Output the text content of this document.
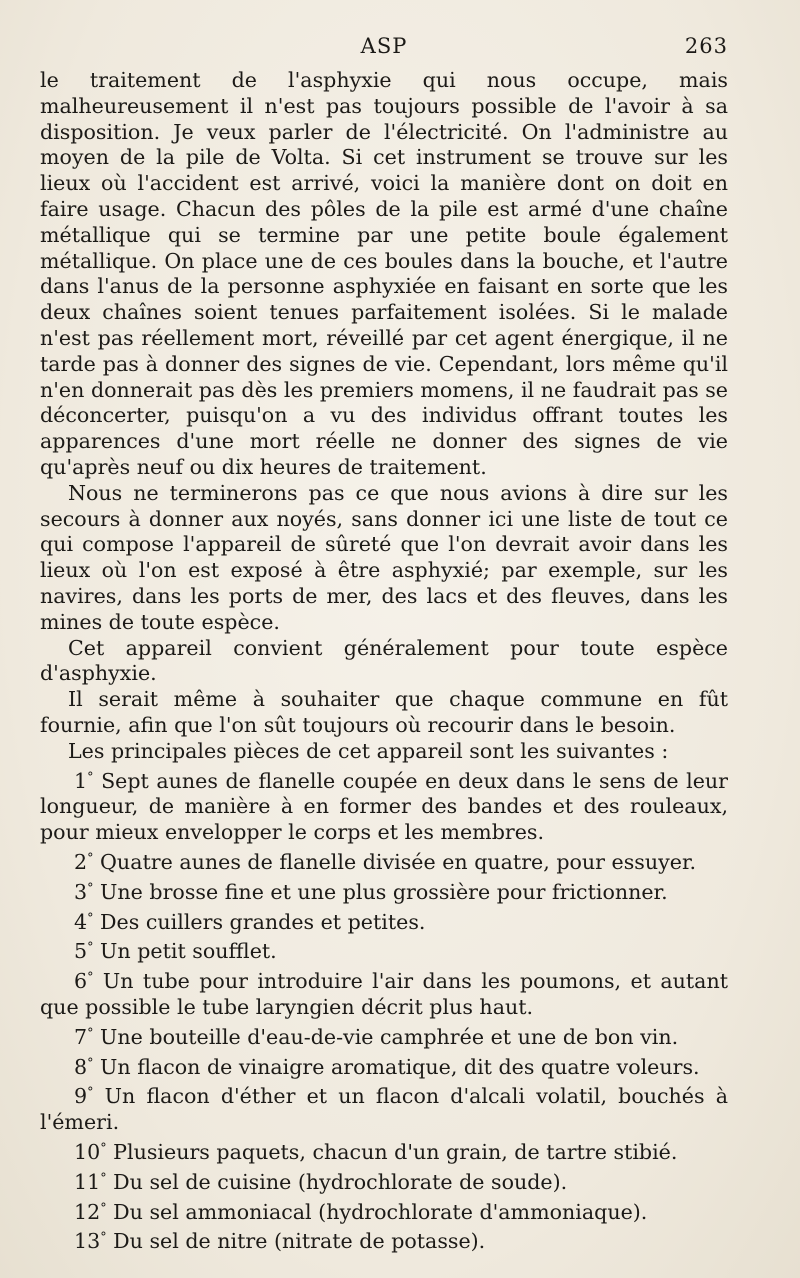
ASP	263

le traitement de l'asphyxie qui nous occupe, mais malheureusement il n'est pas toujours possible de l'avoir à sa disposition. Je veux parler de l'électricité. On l'administre au moyen de la pile de Volta. Si cet instrument se trouve sur les lieux où l'accident est arrivé, voici la manière dont on doit en faire usage. Chacun des pôles de la pile est armé d'une chaîne métallique qui se termine par une petite boule également métallique. On place une de ces boules dans la bouche, et l'autre dans l'anus de la personne asphyxiée en faisant en sorte que les deux chaînes soient tenues parfaitement isolées. Si le malade n'est pas réellement mort, réveillé par cet agent énergique, il ne tarde pas à donner des signes de vie. Cependant, lors même qu'il n'en donnerait pas dès les premiers momens, il ne faudrait pas se déconcerter, puisqu'on a vu des individus offrant toutes les apparences d'une mort réelle ne donner des signes de vie qu'après neuf ou dix heures de traitement.

Nous ne terminerons pas ce que nous avions à dire sur les secours à donner aux noyés, sans donner ici une liste de tout ce qui compose l'appareil de sûreté que l'on devrait avoir dans les lieux où l'on est exposé à être asphyxié; par exemple, sur les navires, dans les ports de mer, des lacs et des fleuves, dans les mines de toute espèce.

Cet appareil convient généralement pour toute espèce d'asphyxie.

Il serait même à souhaiter que chaque commune en fût fournie, afin que l'on sût toujours où recourir dans le besoin.

Les principales pièces de cet appareil sont les suivantes :

1° Sept aunes de flanelle coupée en deux dans le sens de leur longueur, de manière à en former des bandes et des rouleaux, pour mieux envelopper le corps et les membres.

2° Quatre aunes de flanelle divisée en quatre, pour essuyer.

3° Une brosse fine et une plus grossière pour frictionner.

4° Des cuillers grandes et petites.

5° Un petit soufflet.

6° Un tube pour introduire l'air dans les poumons, et autant que possible le tube laryngien décrit plus haut.

7° Une bouteille d'eau-de-vie camphrée et une de bon vin.

8° Un flacon de vinaigre aromatique, dit des quatre voleurs.

9° Un flacon d'éther et un flacon d'alcali volatil, bouchés à l'émeri.

10° Plusieurs paquets, chacun d'un grain, de tartre stibié.

11° Du sel de cuisine (hydrochlorate de soude).

12° Du sel ammoniacal (hydrochlorate d'ammoniaque).

13° Du sel de nitre (nitrate de potasse).
